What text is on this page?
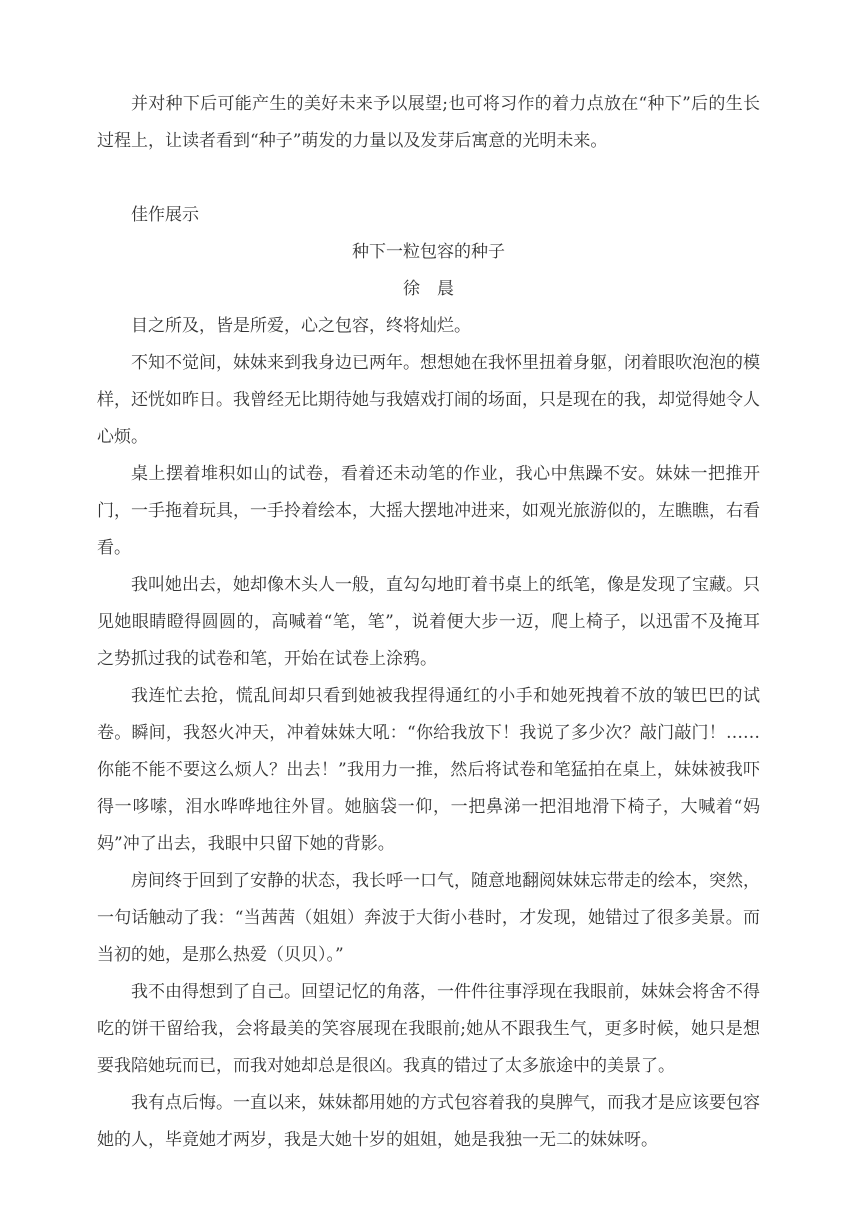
并对种下后可能产生的美好未来予以展望;也可将习作的着力点放在“种下”后的生长过程上，让读者看到“种子”萌发的力量以及发芽后寓意的光明未来。

佳作展示

种下一粒包容的种子

徐　晨

目之所及，皆是所爱，心之包容，终将灿烂。

不知不觉间，妹妹来到我身边已两年。想想她在我怀里扭着身躯，闭着眼吹泡泡的模样，还恍如昨日。我曾经无比期待她与我嬉戏打闹的场面，只是现在的我，却觉得她令人心烦。

桌上摆着堆积如山的试卷，看着还未动笔的作业，我心中焦躁不安。妹妹一把推开门，一手拖着玩具，一手拎着绘本，大摇大摆地冲进来，如观光旅游似的，左瞧瞧，右看看。

我叫她出去，她却像木头人一般，直勾勾地盯着书桌上的纸笔，像是发现了宝藏。只见她眼睛瞪得圆圆的，高喊着“笔，笔”，说着便大步一迈，爬上椅子，以迅雷不及掩耳之势抓过我的试卷和笔，开始在试卷上涂鸦。

我连忙去抢，慌乱间却只看到她被我捏得通红的小手和她死拽着不放的皱巴巴的试卷。瞬间，我怒火冲天，冲着妹妹大吼：“你给我放下！我说了多少次？敲门敲门！……你能不能不要这么烦人？出去！”我用力一推，然后将试卷和笔猛拍在桌上，妹妹被我吓得一哆嗦，泪水哗哗地往外冒。她脑袋一仰，一把鼻涕一把泪地滑下椅子，大喊着“妈妈”冲了出去，我眼中只留下她的背影。

房间终于回到了安静的状态，我长呼一口气，随意地翻阅妹妹忘带走的绘本，突然，一句话触动了我：“当茜茜（姐姐）奔波于大街小巷时，才发现，她错过了很多美景。而当初的她，是那么热爱（贝贝）。”

我不由得想到了自己。回望记忆的角落，一件件往事浮现在我眼前，妹妹会将舍不得吃的饼干留给我，会将最美的笑容展现在我眼前;她从不跟我生气，更多时候，她只是想要我陪她玩而已，而我对她却总是很凶。我真的错过了太多旅途中的美景了。

我有点后悔。一直以来，妹妹都用她的方式包容着我的臭脾气，而我才是应该要包容她的人，毕竟她才两岁，我是大她十岁的姐姐，她是我独一无二的妹妹呀。
